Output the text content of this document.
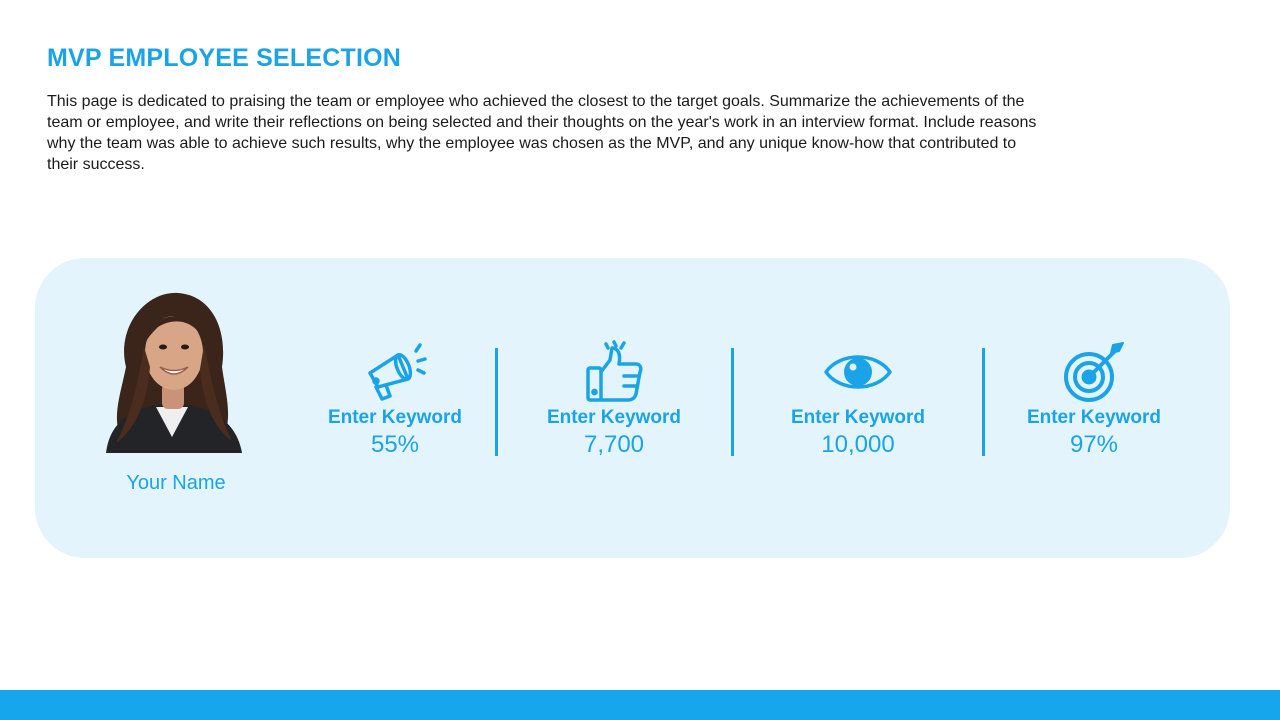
MVP EMPLOYEE SELECTION

This page is dedicated to praising the team or employee who achieved the closest to the target goals. Summarize the achievements of the team or employee, and write their reflections on being selected and their thoughts on the year's work in an interview format. Include reasons why the team was able to achieve such results, why the employee was chosen as the MVP, and any unique know-how that contributed to their success.

Your Name
Enter Keyword
55%
Enter Keyword
7,700
Enter Keyword
10,000
Enter Keyword
97%
